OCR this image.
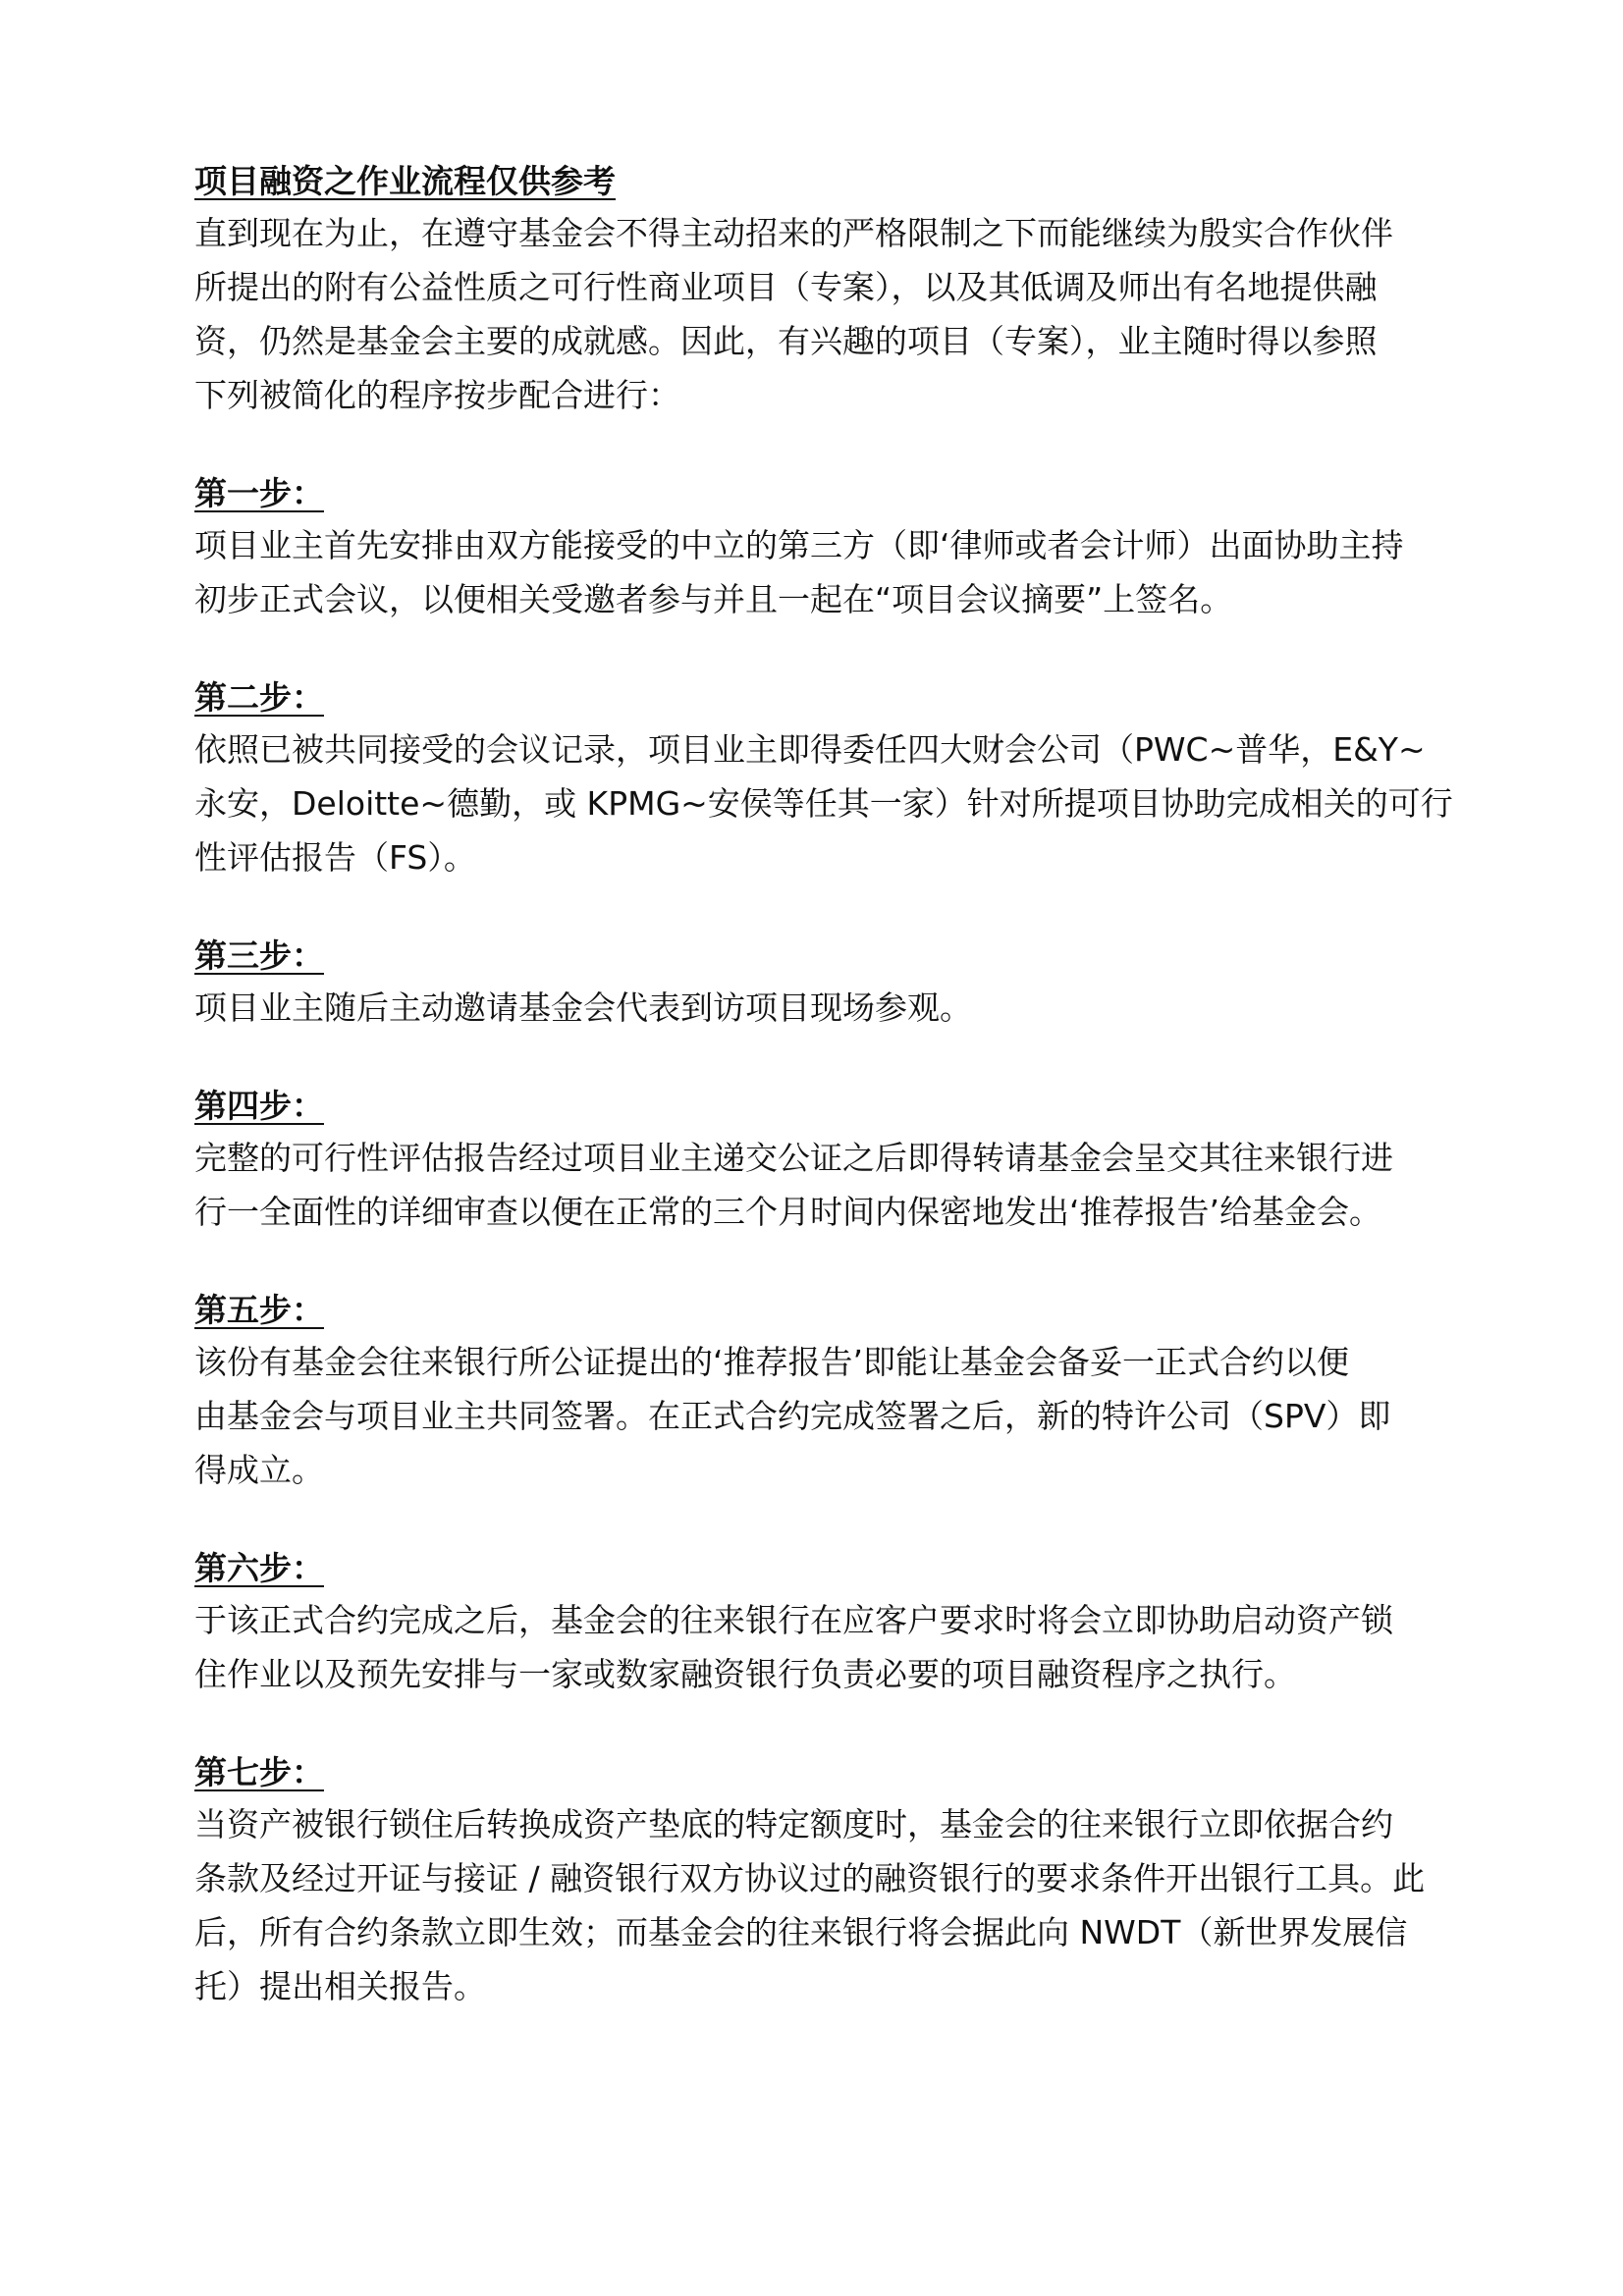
项目融资之作业流程仅供参考

直到现在为止，在遵守基金会不得主动招来的严格限制之下而能继续为殷实合作伙伴

所提出的附有公益性质之可行性商业项目（专案），以及其低调及师出有名地提供融

资，仍然是基金会主要的成就感。因此，有兴趣的项目（专案），业主随时得以参照

下列被简化的程序按步配合进行：

第一步：

项目业主首先安排由双方能接受的中立的第三方（即‘律师或者会计师）出面协助主持

初步正式会议，以便相关受邀者参与并且一起在“项目会议摘要”上签名。

第二步：

依照已被共同接受的会议记录，项目业主即得委任四大财会公司（PWC~普华，E&Y~

永安，Deloitte~德勤，或 KPMG~安侯等任其一家）针对所提项目协助完成相关的可行

性评估报告（FS）。

第三步：

项目业主随后主动邀请基金会代表到访项目现场参观。

第四步：

完整的可行性评估报告经过项目业主递交公证之后即得转请基金会呈交其往来银行进

行一全面性的详细审查以便在正常的三个月时间内保密地发出‘推荐报告’给基金会。

第五步：

该份有基金会往来银行所公证提出的‘推荐报告’即能让基金会备妥一正式合约以便

由基金会与项目业主共同签署。在正式合约完成签署之后，新的特许公司（SPV）即

得成立。

第六步：

于该正式合约完成之后，基金会的往来银行在应客户要求时将会立即协助启动资产锁

住作业以及预先安排与一家或数家融资银行负责必要的项目融资程序之执行。

第七步：

当资产被银行锁住后转换成资产垫底的特定额度时，基金会的往来银行立即依据合约

条款及经过开证与接证 / 融资银行双方协议过的融资银行的要求条件开出银行工具。此

后，所有合约条款立即生效；而基金会的往来银行将会据此向 NWDT（新世界发展信

托）提出相关报告。
